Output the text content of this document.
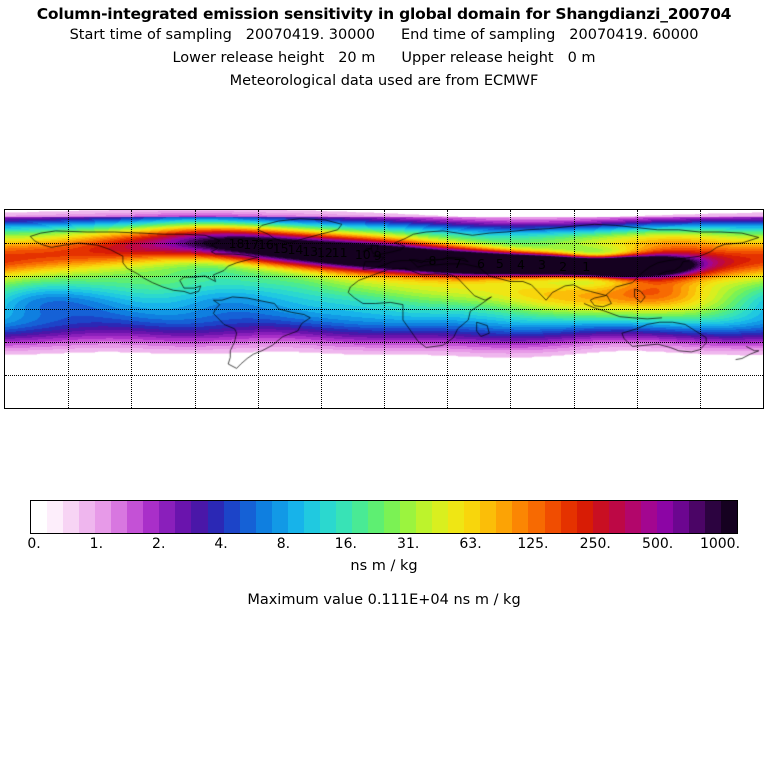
Column-integrated emission sensitivity in global domain for Shangdianzi_200704
Start time of sampling 20070419. 30000 End time of sampling 20070419. 60000
Lower release height 20 m Upper release height 0 m
Meteorological data used are from ECMWF
18
17
16
15
14
13
12
11 10 9	8 7 6 5 4 3 2 1
0.	1.	2.	4.	8.	16.	31.	63.	125. 250. 500. 1000.
ns m / kg
Maximum value 0.111E+04 ns m / kg
